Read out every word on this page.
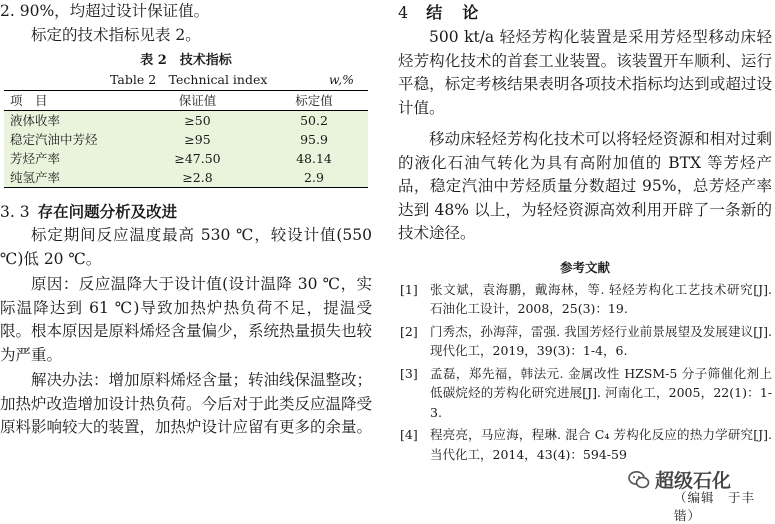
2. 90%，均超过设计保证值。

标定的技术指标见表 2。

表 2　技术指标
Table 2　Technical index	w,%
项　目	保证值	标定值
液体收率	≥50	50.2
稳定汽油中芳烃	≥95	95.9
芳烃产率	≥47.50	48.14
纯氢产率	≥2.8	2.9
3. 3 存在问题分析及改进

标定期间反应温度最高 530 ℃，较设计值(550 ℃)低 20 ℃。

原因：反应温降大于设计值(设计温降 30 ℃，实际温降达到 61 ℃)导致加热炉热负荷不足，提温受限。根本原因是原料烯烃含量偏少，系统热量损失也较为严重。

解决办法：增加原料烯烃含量；转油线保温整改；加热炉改造增加设计热负荷。今后对于此类反应温降受原料影响较大的装置，加热炉设计应留有更多的余量。

4 结　论

500 kt/a 轻烃芳构化装置是采用芳烃型移动床轻烃芳构化技术的首套工业装置。该装置开车顺利、运行平稳，标定考核结果表明各项技术指标均达到或超过设计值。

移动床轻烃芳构化技术可以将轻烃资源和相对过剩的液化石油气转化为具有高附加值的 BTX 等芳烃产品，稳定汽油中芳烃质量分数超过 95%，总芳烃产率达到 48% 以上，为轻烃资源高效利用开辟了一条新的技术途径。

参考文献
[1] 张文斌，袁海鹏，戴海林，等. 轻烃芳构化工艺技术研究[J]. 石油化工设计，2008，25(3)：19.
[2] 门秀杰，孙海萍，雷强. 我国芳烃行业前景展望及发展建议[J]. 现代化工，2019，39(3)：1-4，6.
[3] 孟磊，郑先福，韩法元. 金属改性 HZSM-5 分子筛催化剂上低碳烷烃的芳构化研究进展[J]. 河南化工，2005，22(1)：1-3.
[4] 程亮亮，马应海，程琳. 混合 C₄ 芳构化反应的热力学研究[J]. 当代化工，2014，43(4)：594-59
超级石化
（编辑　于丰锴）
